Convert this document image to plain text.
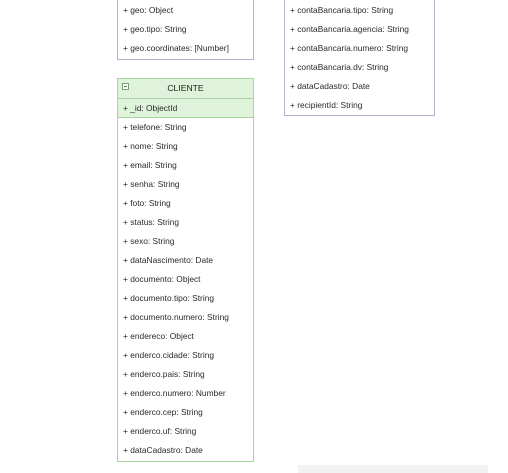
+ geo: Object
+ geo.tipo: String
+ geo.coordinates: [Number]
+ contaBancaria.tipo: String
+ contaBancaria.agencia: String
+ contaBancaria.numero: String
+ contaBancaria.dv: String
+ dataCadastro: Date
+ recipientId: String
CLIENTE
+ _id: ObjectId
+ telefone: String
+ nome: String
+ email: String
+ senha: String
+ foto: String
+ status: String
+ sexo: String
+ dataNascimento: Date
+ documento: Object
+ documento.tipo: String
+ documento.numero: String
+ endereco: Object
+ enderco.cidade: String
+ enderco.pais: String
+ enderco.numero: Number
+ enderco.cep: String
+ enderco.uf: String
+ dataCadastro: Date
